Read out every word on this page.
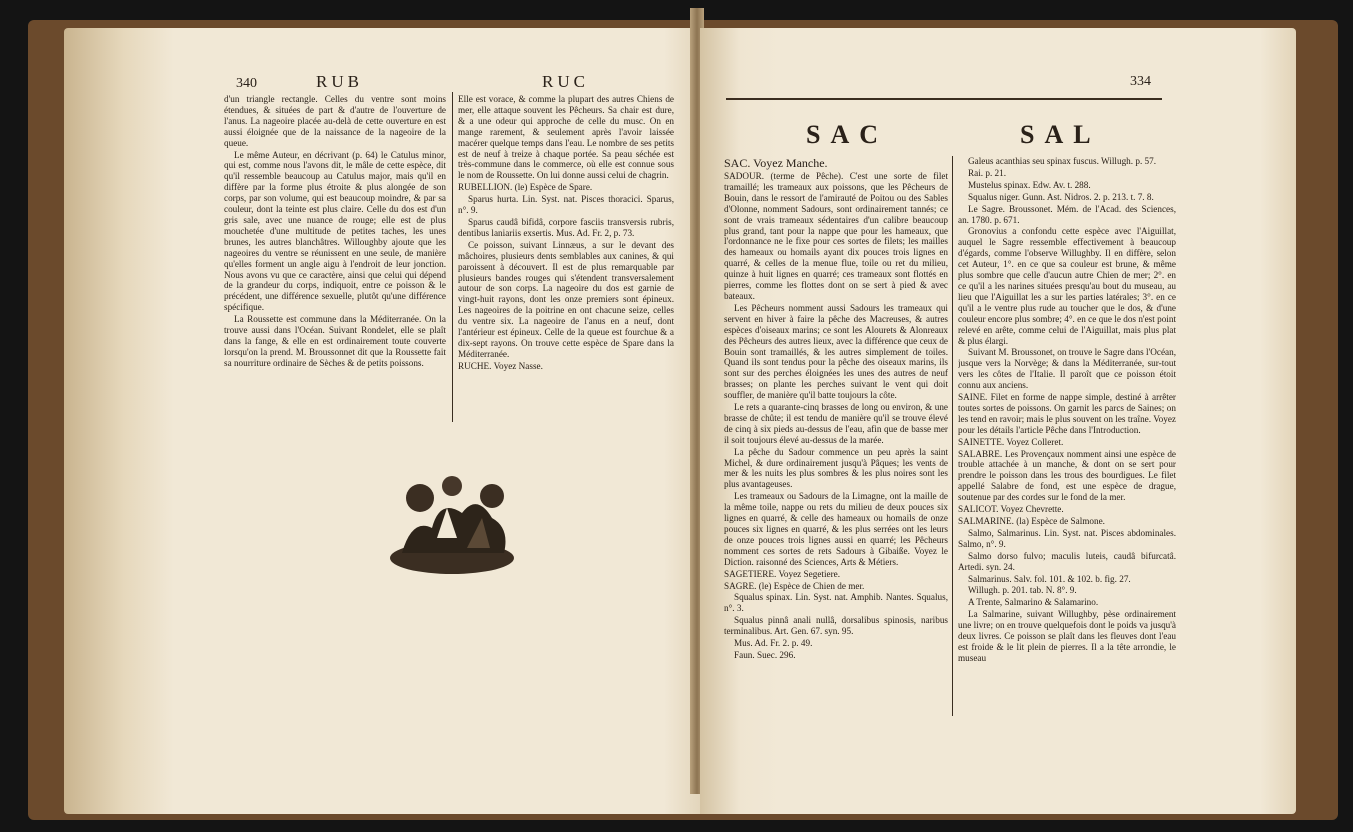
340	RUB	RUC

d'un triangle rectangle. Celles du ventre sont moins étendues, & situées de part & d'autre de l'ouverture de l'anus. La nageoire placée au-delà de cette ouverture en est aussi éloignée que de la naissance de la nageoire de la queue.

Le même Auteur, en décrivant (p. 64) le Catulus minor, qui est, comme nous l'avons dit, le mâle de cette espèce, dit qu'il ressemble beaucoup au Catulus major, mais qu'il en diffère par la forme plus étroite & plus alongée de son corps, par son volume, qui est beaucoup moindre, & par sa couleur, dont la teinte est plus claire. Celle du dos est d'un gris sale, avec une nuance de rouge; elle est de plus mouchetée d'une multitude de petites taches, les unes brunes, les autres blanchâtres. Willoughby ajoute que les nageoires du ventre se réunissent en une seule, de manière qu'elles forment un angle aigu à l'endroit de leur jonction. Nous avons vu que ce caractère, ainsi que celui qui dépend de la grandeur du corps, indiquoit, entre ce poisson & le précédent, une différence sexuelle, plutôt qu'une différence spécifique.

La Roussette est commune dans la Méditerranée. On la trouve aussi dans l'Océan. Suivant Rondelet, elle se plaît dans la fange, & elle en est ordinairement toute couverte lorsqu'on la prend. M. Broussonnet dit que la Roussette fait sa nourriture ordinaire de Sèches & de petits poissons.

Elle est vorace, & comme la plupart des autres Chiens de mer, elle attaque souvent les Pêcheurs. Sa chair est dure, & a une odeur qui approche de celle du musc. On en mange rarement, & seulement après l'avoir laissée macérer quelque temps dans l'eau. Le nombre de ses petits est de neuf à treize à chaque portée. Sa peau séchée est très-commune dans le commerce, où elle est connue sous le nom de Roussette. On lui donne aussi celui de chagrin.

RUBELLION. (le) Espèce de Spare.

Sparus hurta. Lin. Syst. nat. Pisces thoracici. Sparus, n°. 9.

Sparus caudâ bifidâ, corpore fasciis transversis rubris, dentibus laniariis exsertis. Mus. Ad. Fr. 2, p. 73.

Ce poisson, suivant Linnæus, a sur le devant des mâchoires, plusieurs dents semblables aux canines, & qui paroissent à découvert. Il est de plus remarquable par plusieurs bandes rouges qui s'étendent transversalement autour de son corps. La nageoire du dos est garnie de vingt-huit rayons, dont les onze premiers sont épineux. Les nageoires de la poitrine en ont chacune seize, celles du ventre six. La nageoire de l'anus en a neuf, dont l'antérieur est épineux. Celle de la queue est fourchue & a dix-sept rayons. On trouve cette espèce de Spare dans la Méditerranée.

RUCHE. Voyez Nasse.

334
SAC	SAL

SAC. Voyez Manche.

SADOUR. (terme de Pêche). C'est une sorte de filet tramaillé; les trameaux aux poissons, que les Pêcheurs de Bouin, dans le ressort de l'amirauté de Poitou ou des Sables d'Olonne, nomment Sadours, sont ordinairement tannés; ce sont de vrais trameaux sédentaires d'un calibre beaucoup plus grand, tant pour la nappe que pour les hameaux, que l'ordonnance ne le fixe pour ces sortes de filets; les mailles des hameaux ou homails ayant dix pouces trois lignes en quarré, & celles de la menue flue, toile ou ret du milieu, quinze à huit lignes en quarré; ces trameaux sont flottés en pierres, comme les flottes dont on se sert à pied & avec bateaux.

Les Pêcheurs nomment aussi Sadours les trameaux qui servent en hiver à faire la pêche des Macreuses, & autres espèces d'oiseaux marins; ce sont les Alourets & Alonreaux des Pêcheurs des autres lieux, avec la différence que ceux de Bouin sont tramaillés, & les autres simplement de toiles. Quand ils sont tendus pour la pêche des oiseaux marins, ils sont sur des perches éloignées les unes des autres de neuf brasses; on plante les perches suivant le vent qui doit souffler, de manière qu'il batte toujours la côte.

Le rets a quarante-cinq brasses de long ou environ, & une brasse de chûte; il est tendu de manière qu'il se trouve élevé de cinq à six pieds au-dessus de l'eau, afin que de basse mer il soit toujours élevé au-dessus de la marée.

La pêche du Sadour commence un peu après la saint Michel, & dure ordinairement jusqu'à Pâques; les vents de mer & les nuits les plus sombres & les plus noires sont les plus avantageuses.

Les trameaux ou Sadours de la Limagne, ont la maille de la même toile, nappe ou rets du milieu de deux pouces six lignes en quarré, & celle des hameaux ou homails de onze pouces six lignes en quarré, & les plus serrées ont les leurs de onze pouces trois lignes aussi en quarré; les Pêcheurs nomment ces sortes de rets Sadours à Gibaiße. Voyez le Diction. raisonné des Sciences, Arts & Métiers.

SAGETIERE. Voyez Segetiere.

SAGRE. (le) Espèce de Chien de mer.

Squalus spinax. Lin. Syst. nat. Amphib. Nantes. Squalus, n°. 3.

Squalus pinnâ anali nullâ, dorsalibus spinosis, naribus terminalibus. Art. Gen. 67. syn. 95.

Mus. Ad. Fr. 2. p. 49.

Faun. Suec. 296.

Galeus acanthias seu spinax fuscus. Willugh. p. 57.

Rai. p. 21.

Mustelus spinax. Edw. Av. t. 288.

Squalus niger. Gunn. Ast. Nidros. 2. p. 213. t. 7. 8.

Le Sagre. Broussonet. Mém. de l'Acad. des Sciences, an. 1780. p. 671.

Gronovius a confondu cette espèce avec l'Aiguillat, auquel le Sagre ressemble effectivement à beaucoup d'égards, comme l'observe Willughby. Il en diffère, selon cet Auteur, 1°. en ce que sa couleur est brune, & même plus sombre que celle d'aucun autre Chien de mer; 2°. en ce qu'il a les narines situées presqu'au bout du museau, au lieu que l'Aiguillat les a sur les parties latérales; 3°. en ce qu'il a le ventre plus rude au toucher que le dos, & d'une couleur encore plus sombre; 4°. en ce que le dos n'est point relevé en arête, comme celui de l'Aiguillat, mais plus plat & plus élargi.

Suivant M. Broussonet, on trouve le Sagre dans l'Océan, jusque vers la Norvège; & dans la Méditerranée, sur-tout vers les côtes de l'Italie. Il paroît que ce poisson étoit connu aux anciens.

SAINE. Filet en forme de nappe simple, destiné à arrêter toutes sortes de poissons. On garnit les parcs de Saines; on les tend en ravoir; mais le plus souvent on les traîne. Voyez pour les détails l'article Pêche dans l'Introduction.

SAINETTE. Voyez Colleret.

SALABRE. Les Provençaux nomment ainsi une espèce de trouble attachée à un manche, & dont on se sert pour prendre le poisson dans les trous des bourdigues. Le filet appellé Salabre de fond, est une espèce de drague, soutenue par des cordes sur le fond de la mer.

SALICOT. Voyez Chevrette.

SALMARINE. (la) Espèce de Salmone.

Salmo, Salmarinus. Lin. Syst. nat. Pisces abdominales. Salmo, n°. 9.

Salmo dorso fulvo; maculis luteis, caudâ bifurcatâ. Artedi. syn. 24.

Salmarinus. Salv. fol. 101. & 102. b. fig. 27.

Willugh. p. 201. tab. N. 8°. 9.

A Trente, Salmarino & Salamarino.

La Salmarine, suivant Willughby, pèse ordinairement une livre; on en trouve quelquefois dont le poids va jusqu'à deux livres. Ce poisson se plaît dans les fleuves dont l'eau est froide & le lit plein de pierres. Il a la tête arrondie, le museau
